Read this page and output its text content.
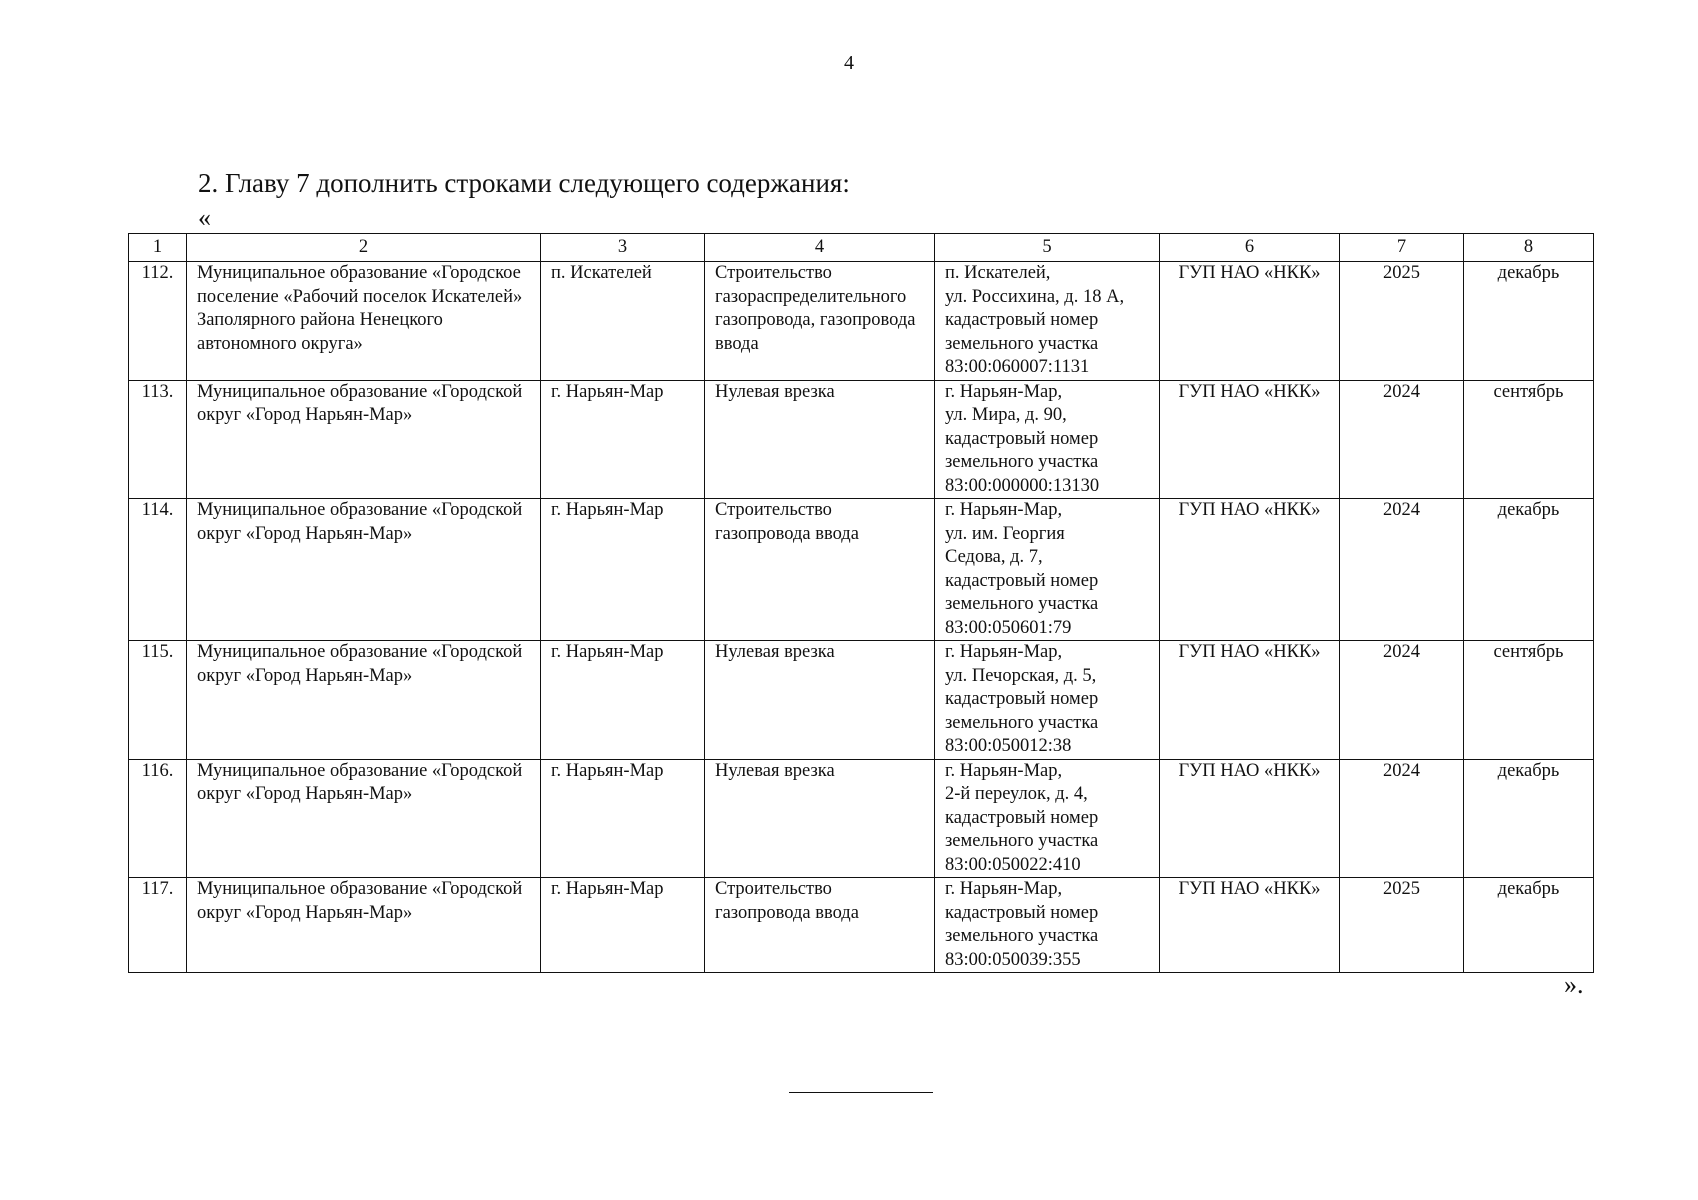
4
2. Главу 7 дополнить строками следующего содержания:
«
1	2	3	4	5	6	7	8
112.	Муниципальное образование «Городское поселение «Рабочий поселок Искателей» Заполярного района Ненецкого автономного округа»	п. Искателей	Строительство газораспределительного газопровода, газопровода ввода	п. Искателей,
ул. Россихина, д. 18 А,
кадастровый номер земельного участка
83:00:060007:1131	ГУП НАО «НКК»	2025	декабрь
113.	Муниципальное образование «Городской округ «Город Нарьян-Мар»	г. Нарьян-Мар	Нулевая врезка	г. Нарьян-Мар,
ул. Мира, д. 90,
кадастровый номер земельного участка
83:00:000000:13130	ГУП НАО «НКК»	2024	сентябрь
114.	Муниципальное образование «Городской округ «Город Нарьян-Мар»	г. Нарьян-Мар	Строительство газопровода ввода	г. Нарьян-Мар,
ул. им. Георгия
Седова, д. 7,
кадастровый номер земельного участка
83:00:050601:79	ГУП НАО «НКК»	2024	декабрь
115.	Муниципальное образование «Городской округ «Город Нарьян-Мар»	г. Нарьян-Мар	Нулевая врезка	г. Нарьян-Мар,
ул. Печорская, д. 5,
кадастровый номер земельного участка
83:00:050012:38	ГУП НАО «НКК»	2024	сентябрь
116.	Муниципальное образование «Городской округ «Город Нарьян-Мар»	г. Нарьян-Мар	Нулевая врезка	г. Нарьян-Мар,
2-й переулок, д. 4,
кадастровый номер земельного участка
83:00:050022:410	ГУП НАО «НКК»	2024	декабрь
117.	Муниципальное образование «Городской округ «Город Нарьян-Мар»	г. Нарьян-Мар	Строительство газопровода ввода	г. Нарьян-Мар,
кадастровый номер земельного участка
83:00:050039:355	ГУП НАО «НКК»	2025	декабрь
».
